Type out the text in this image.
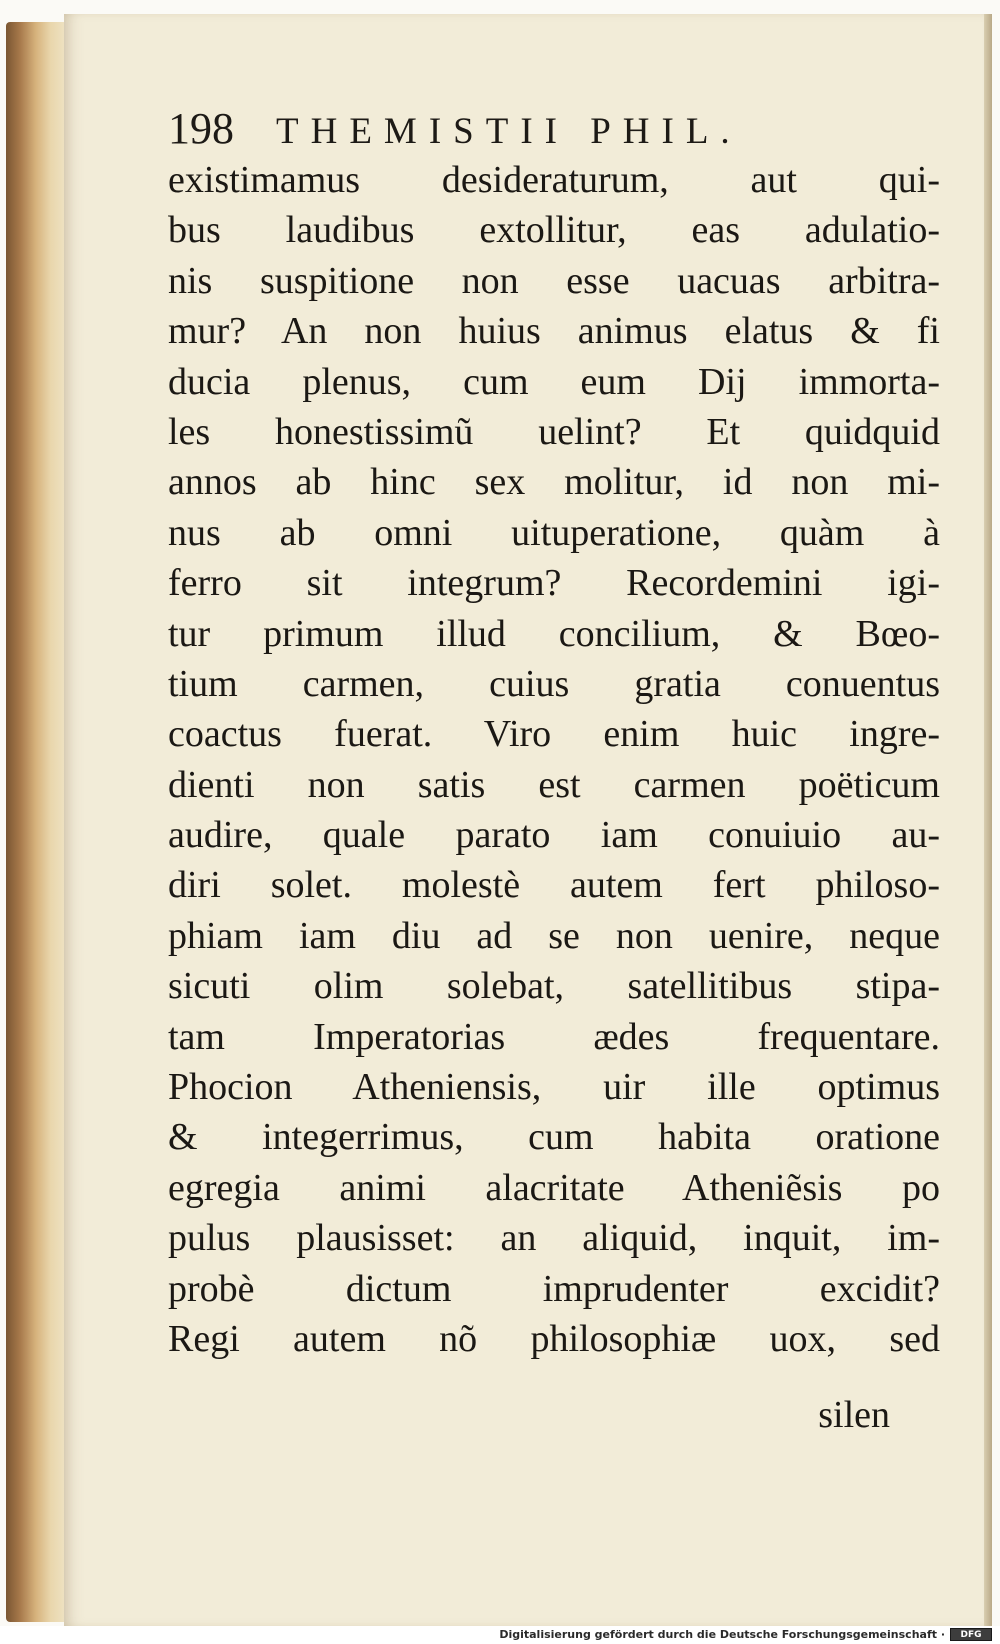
198 THEMISTII PHIL.
existimamus desideraturum, aut qui-
bus laudibus extollitur, eas adulatio-
nis suspitione non esse uacuas arbitra-
mur? An non huius animus elatus & fi
ducia plenus, cum eum Dij immorta-
les honestissimũ uelint? Et quidquid
annos ab hinc sex molitur, id non mi-
nus ab omni uituperatione, quàm à
ferro sit integrum? Recordemini igi-
tur primum illud concilium, & Bœo-
tium carmen, cuius gratia conuentus
coactus fuerat. Viro enim huic ingre-
dienti non satis est carmen poëticum
audire, quale parato iam conuiuio au-
diri solet. molestè autem fert philoso-
phiam iam diu ad se non uenire, neque
sicuti olim solebat, satellitibus stipa-
tam Imperatorias ædes frequentare.
Phocion Atheniensis, uir ille optimus
& integerrimus, cum habita oratione
egregia animi alacritate Atheniẽsis po
pulus plausisset: an aliquid, inquit, im-
probè dictum imprudenter excidit?
Regi autem nõ philosophiæ uox, sed
silen
Digitalisierung gefördert durch die Deutsche Forschungsgemeinschaft ·	DFG
